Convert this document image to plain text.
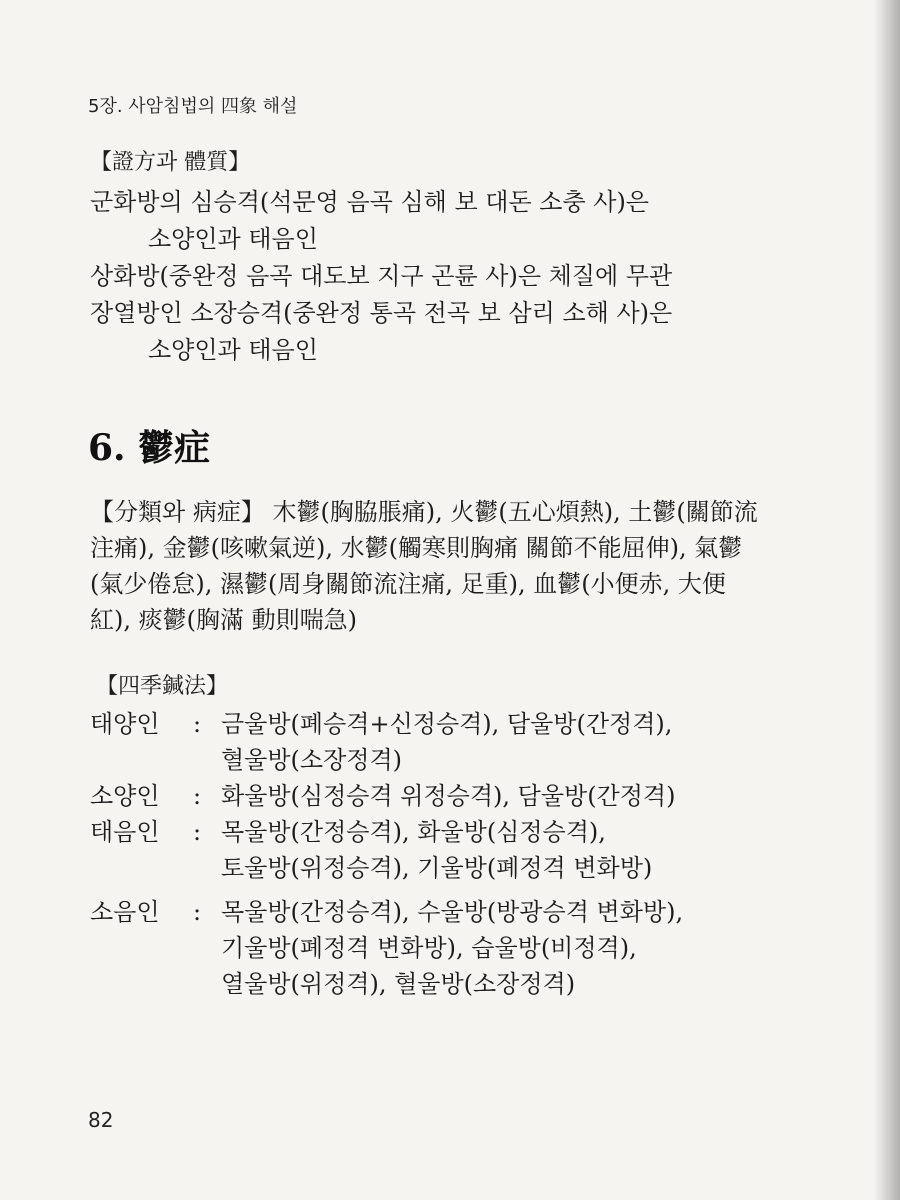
5장. 사암침법의 四象 해설
【證方과 體質】
군화방의 심승격(석문영 음곡 심해 보 대돈 소충 사)은
소양인과 태음인
상화방(중완정 음곡 대도보 지구 곤륜 사)은 체질에 무관
장열방인 소장승격(중완정 통곡 전곡 보 삼리 소해 사)은
소양인과 태음인
6. 鬱症

【分類와 病症】 木鬱(胸脇脹痛), 火鬱(五心煩熱), 土鬱(關節流

注痛), 金鬱(咳嗽氣逆), 水鬱(觸寒則胸痛 關節不能屈伸), 氣鬱

(氣少倦怠), 濕鬱(周身關節流注痛, 足重), 血鬱(小便赤, 大便

紅), 痰鬱(胸滿 動則喘急)

【四季鍼法】
태양인	: 금울방(폐승격+신정승격), 담울방(간정격),
혈울방(소장정격)
소양인	: 화울방(심정승격 위정승격), 담울방(간정격)
태음인	: 목울방(간정승격), 화울방(심정승격),
토울방(위정승격), 기울방(폐정격 변화방)
소음인	: 목울방(간정승격), 수울방(방광승격 변화방),
기울방(폐정격 변화방), 습울방(비정격),
열울방(위정격), 혈울방(소장정격)
82
